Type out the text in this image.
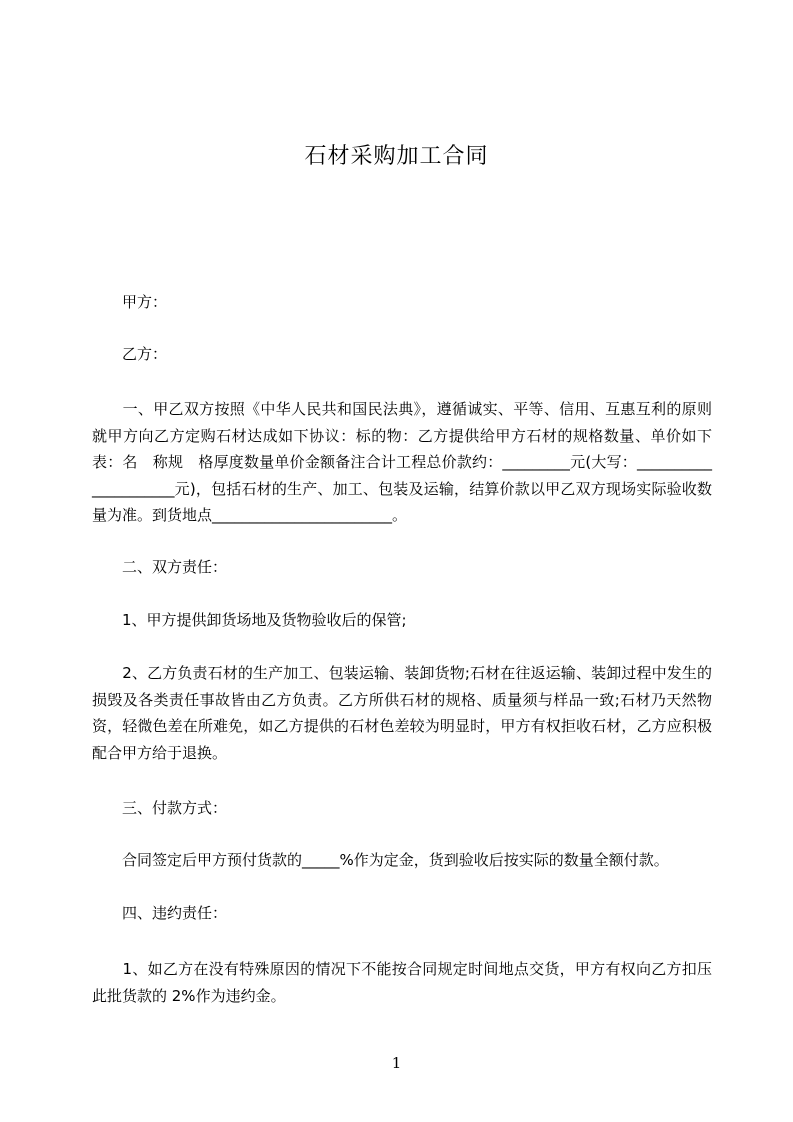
石材采购加工合同

　　甲方：

　　乙方：

　　一、甲乙双方按照《中华人民共和国民法典》，遵循诚实、平等、信用、互惠互利的原则就甲方向乙方定购石材达成如下协议：标的物：乙方提供给甲方石材的规格数量、单价如下表：名　称规　格厚度数量单价金额备注合计工程总价款约：_________元(大写：_____________________元)，包括石材的生产、加工、包装及运输，结算价款以甲乙双方现场实际验收数量为准。到货地点________________________。

　　二、双方责任：

　　1、甲方提供卸货场地及货物验收后的保管;

　　2、乙方负责石材的生产加工、包装运输、装卸货物;石材在往返运输、装卸过程中发生的损毁及各类责任事故皆由乙方负责。乙方所供石材的规格、质量须与样品一致;石材乃天然物资，轻微色差在所难免，如乙方提供的石材色差较为明显时，甲方有权拒收石材，乙方应积极配合甲方给于退换。

　　三、付款方式：

　　合同签定后甲方预付货款的_____%作为定金，货到验收后按实际的数量全额付款。

　　四、违约责任：

　　1、如乙方在没有特殊原因的情况下不能按合同规定时间地点交货，甲方有权向乙方扣压此批货款的 2%作为违约金。

1
